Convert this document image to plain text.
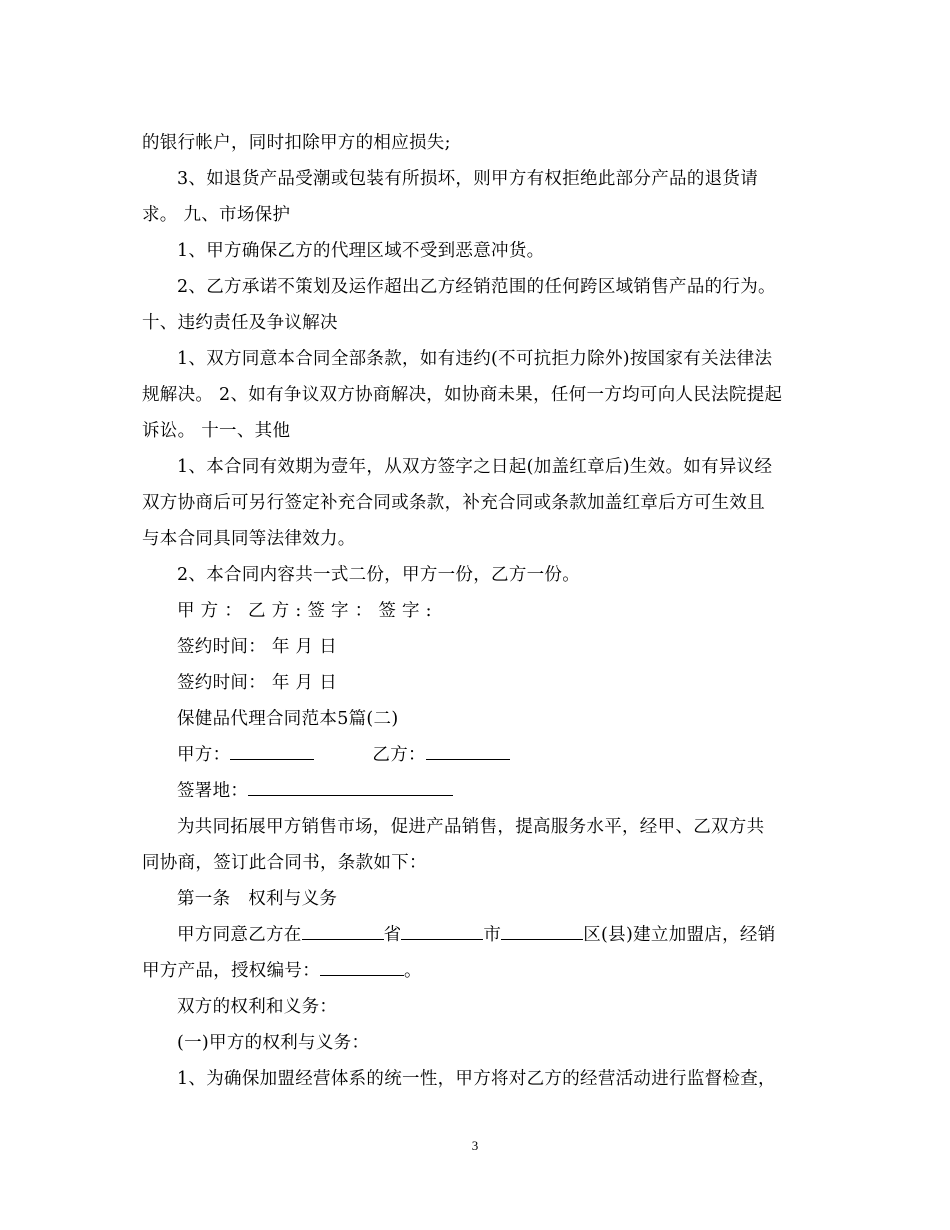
的银行帐户，同时扣除甲方的相应损失;
3、如退货产品受潮或包装有所损坏，则甲方有权拒绝此部分产品的退货请
求。 九、市场保护
1、甲方确保乙方的代理区域不受到恶意冲货。
2、乙方承诺不策划及运作超出乙方经销范围的任何跨区域销售产品的行为。
十、违约责任及争议解决
1、双方同意本合同全部条款，如有违约(不可抗拒力除外)按国家有关法律法
规解决。 2、如有争议双方协商解决，如协商未果，任何一方均可向人民法院提起
诉讼。 十一、其他
1、本合同有效期为壹年，从双方签字之日起(加盖红章后)生效。如有异议经
双方协商后可另行签定补充合同或条款，补充合同或条款加盖红章后方可生效且
与本合同具同等法律效力。
2、本合同内容共一式二份，甲方一份，乙方一份。
甲 方 ： 乙 方 : 签 字 ： 签 字 :
签约时间： 年 月 日
签约时间： 年 月 日
保健品代理合同范本5篇(二)
甲方：	乙方：
签署地：
为共同拓展甲方销售市场，促进产品销售，提高服务水平，经甲、乙双方共
同协商，签订此合同书，条款如下：
第一条　权利与义务
甲方同意乙方在	省	市	区(县)建立加盟店，经销
甲方产品，授权编号：	。
双方的权利和义务：
(一)甲方的权利与义务：
1、为确保加盟经营体系的统一性，甲方将对乙方的经营活动进行监督检查，
3
